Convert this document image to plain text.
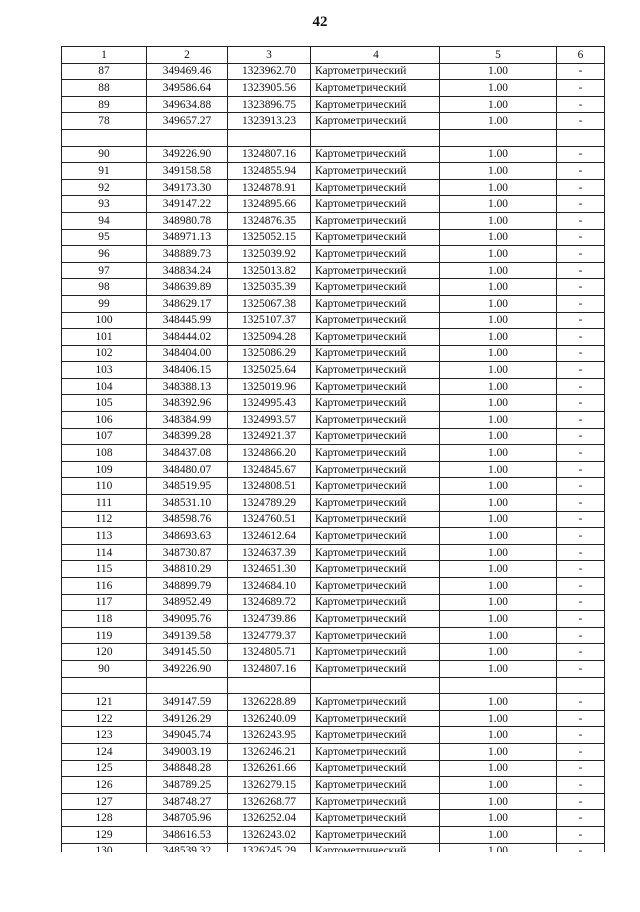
42
1	2	3	4	5	6
87	349469.46	1323962.70	Картометрический	1.00	-
88	349586.64	1323905.56	Картометрический	1.00	-
89	349634.88	1323896.75	Картометрический	1.00	-
78	349657.27	1323913.23	Картометрический	1.00	-

90	349226.90	1324807.16	Картометрический	1.00	-
91	349158.58	1324855.94	Картометрический	1.00	-
92	349173.30	1324878.91	Картометрический	1.00	-
93	349147.22	1324895.66	Картометрический	1.00	-
94	348980.78	1324876.35	Картометрический	1.00	-
95	348971.13	1325052.15	Картометрический	1.00	-
96	348889.73	1325039.92	Картометрический	1.00	-
97	348834.24	1325013.82	Картометрический	1.00	-
98	348639.89	1325035.39	Картометрический	1.00	-
99	348629.17	1325067.38	Картометрический	1.00	-
100	348445.99	1325107.37	Картометрический	1.00	-
101	348444.02	1325094.28	Картометрический	1.00	-
102	348404.00	1325086.29	Картометрический	1.00	-
103	348406.15	1325025.64	Картометрический	1.00	-
104	348388.13	1325019.96	Картометрический	1.00	-
105	348392.96	1324995.43	Картометрический	1.00	-
106	348384.99	1324993.57	Картометрический	1.00	-
107	348399.28	1324921.37	Картометрический	1.00	-
108	348437.08	1324866.20	Картометрический	1.00	-
109	348480.07	1324845.67	Картометрический	1.00	-
110	348519.95	1324808.51	Картометрический	1.00	-
111	348531.10	1324789.29	Картометрический	1.00	-
112	348598.76	1324760.51	Картометрический	1.00	-
113	348693.63	1324612.64	Картометрический	1.00	-
114	348730.87	1324637.39	Картометрический	1.00	-
115	348810.29	1324651.30	Картометрический	1.00	-
116	348899.79	1324684.10	Картометрический	1.00	-
117	348952.49	1324689.72	Картометрический	1.00	-
118	349095.76	1324739.86	Картометрический	1.00	-
119	349139.58	1324779.37	Картометрический	1.00	-
120	349145.50	1324805.71	Картометрический	1.00	-
90	349226.90	1324807.16	Картометрический	1.00	-

121	349147.59	1326228.89	Картометрический	1.00	-
122	349126.29	1326240.09	Картометрический	1.00	-
123	349045.74	1326243.95	Картометрический	1.00	-
124	349003.19	1326246.21	Картометрический	1.00	-
125	348848.28	1326261.66	Картометрический	1.00	-
126	348789.25	1326279.15	Картометрический	1.00	-
127	348748.27	1326268.77	Картометрический	1.00	-
128	348705.96	1326252.04	Картометрический	1.00	-
129	348616.53	1326243.02	Картометрический	1.00	-
